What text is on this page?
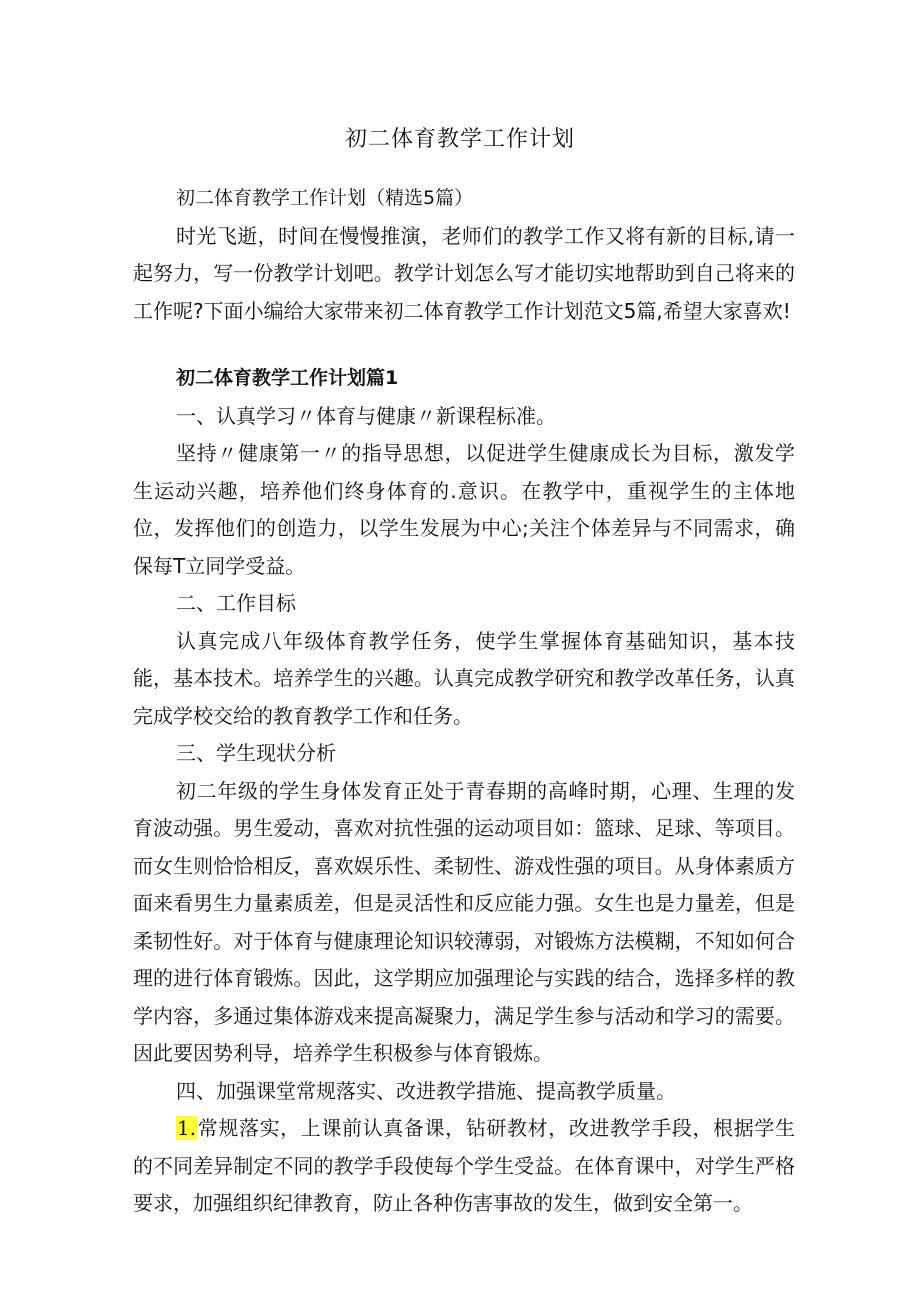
初二体育教学工作计划

初二体育教学工作计划（精选5篇）

时光飞逝，时间在慢慢推演，老师们的教学工作又将有新的目标,请一起努力，写一份教学计划吧。教学计划怎么写才能切实地帮助到自己将来的工作呢?下面小编给大家带来初二体育教学工作计划范文5篇,希望大家喜欢!

初二体育教学工作计划篇1

一、认真学习〃体育与健康〃新课程标准。

坚持〃健康第一〃的指导思想，以促进学生健康成长为目标，激发学生运动兴趣，培养他们终身体育的.意识。在教学中，重视学生的主体地位，发挥他们的创造力，以学生发展为中心;关注个体差异与不同需求，确保每T立同学受益。

二、工作目标

认真完成八年级体育教学任务，使学生掌握体育基础知识，基本技能，基本技术。培养学生的兴趣。认真完成教学研究和教学改革任务，认真完成学校交给的教育教学工作和任务。

三、学生现状分析

初二年级的学生身体发育正处于青春期的高峰时期，心理、生理的发育波动强。男生爱动，喜欢对抗性强的运动项目如：篮球、足球、等项目。而女生则恰恰相反，喜欢娱乐性、柔韧性、游戏性强的项目。从身体素质方面来看男生力量素质差，但是灵活性和反应能力强。女生也是力量差，但是柔韧性好。对于体育与健康理论知识较薄弱，对锻炼方法模糊，不知如何合理的进行体育锻炼。因此，这学期应加强理论与实践的结合，选择多样的教学内容，多通过集体游戏来提高凝聚力，满足学生参与活动和学习的需要。因此要因势利导，培养学生积极参与体育锻炼。

四、加强课堂常规落实、改进教学措施、提高教学质量。

1.常规落实，上课前认真备课，钻研教材，改进教学手段，根据学生的不同差异制定不同的教学手段使每个学生受益。在体育课中，对学生严格要求，加强组织纪律教育，防止各种伤害事故的发生，做到安全第一。
